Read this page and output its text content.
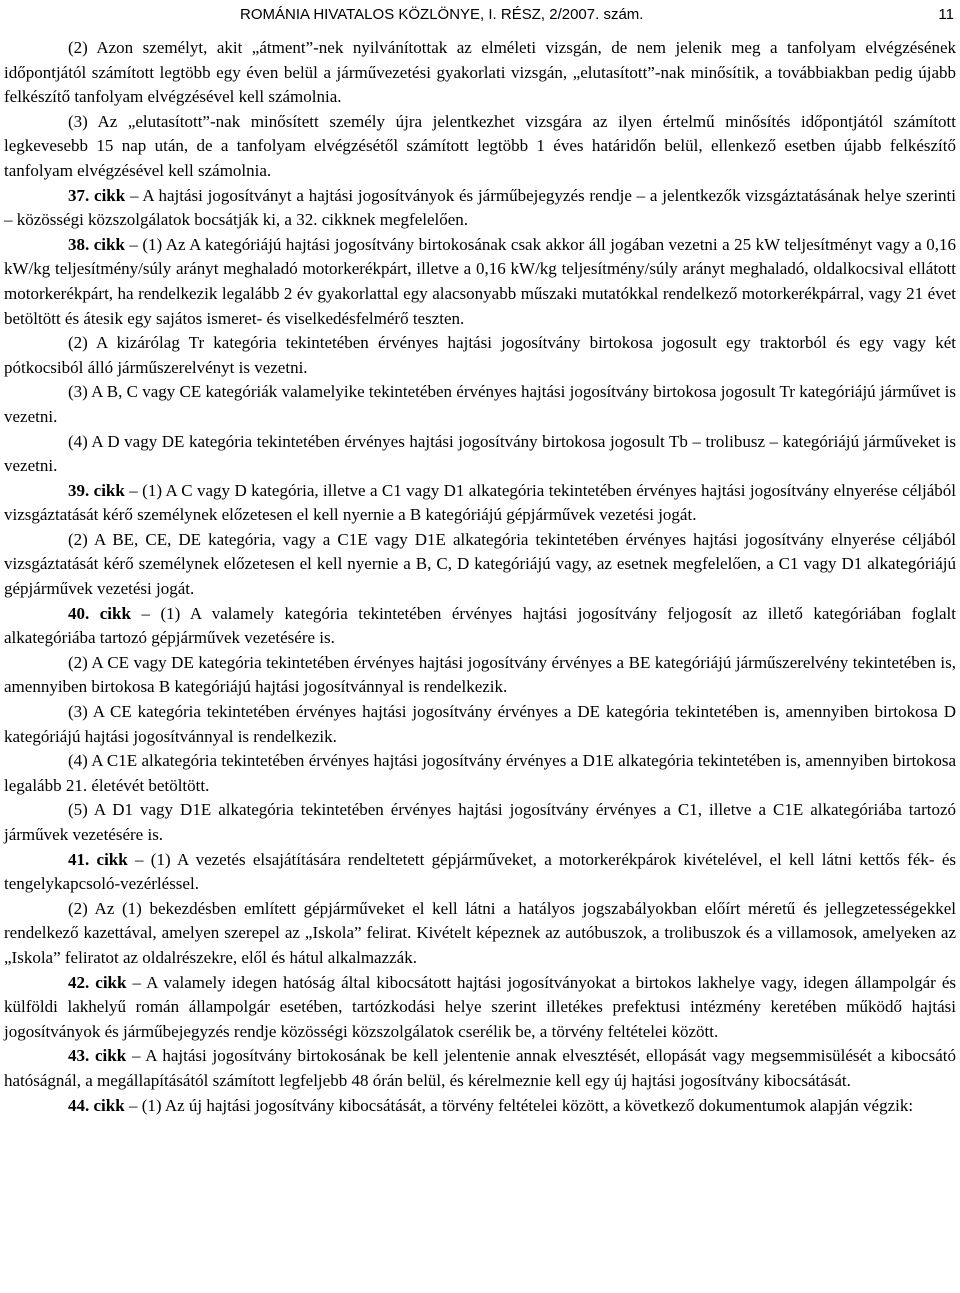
ROMÁNIA HIVATALOS KÖZLÖNYE, I. RÉSZ, 2/2007. szám.	11

(2) Azon személyt, akit „átment”-nek nyilvánítottak az elméleti vizsgán, de nem jelenik meg a tanfolyam elvégzésének időpontjától számított legtöbb egy éven belül a járművezetési gyakorlati vizsgán, „elutasított”-nak minősítik, a továbbiakban pedig újabb felkészítő tanfolyam elvégzésével kell számolnia.

(3) Az „elutasított”-nak minősített személy újra jelentkezhet vizsgára az ilyen értelmű minősítés időpontjától számított legkevesebb 15 nap után, de a tanfolyam elvégzésétől számított legtöbb 1 éves határidőn belül, ellenkező esetben újabb felkészítő tanfolyam elvégzésével kell számolnia.

37. cikk – A hajtási jogosítványt a hajtási jogosítványok és járműbejegyzés rendje – a jelentkezők vizsgáztatásának helye szerinti – közösségi közszolgálatok bocsátják ki, a 32. cikknek megfelelően.

38. cikk – (1) Az A kategóriájú hajtási jogosítvány birtokosának csak akkor áll jogában vezetni a 25 kW teljesítményt vagy a 0,16 kW/kg teljesítmény/súly arányt meghaladó motorkerékpárt, illetve a 0,16 kW/kg teljesítmény/súly arányt meghaladó, oldalkocsival ellátott motorkerékpárt, ha rendelkezik legalább 2 év gyakorlattal egy alacsonyabb műszaki mutatókkal rendelkező motorkerékpárral, vagy 21 évet betöltött és átesik egy sajátos ismeret- és viselkedésfelmérő teszten.

(2) A kizárólag Tr kategória tekintetében érvényes hajtási jogosítvány birtokosa jogosult egy traktorból és egy vagy két pótkocsiból álló járműszerelvényt is vezetni.

(3) A B, C vagy CE kategóriák valamelyike tekintetében érvényes hajtási jogosítvány birtokosa jogosult Tr kategóriájú járművet is vezetni.

(4) A D vagy DE kategória tekintetében érvényes hajtási jogosítvány birtokosa jogosult Tb – trolibusz – kategóriájú járműveket is vezetni.

39. cikk – (1) A C vagy D kategória, illetve a C1 vagy D1 alkategória tekintetében érvényes hajtási jogosítvány elnyerése céljából vizsgáztatását kérő személynek előzetesen el kell nyernie a B kategóriájú gépjárművek vezetési jogát.

(2) A BE, CE, DE kategória, vagy a C1E vagy D1E alkategória tekintetében érvényes hajtási jogosítvány elnyerése céljából vizsgáztatását kérő személynek előzetesen el kell nyernie a B, C, D kategóriájú vagy, az esetnek megfelelően, a C1 vagy D1 alkategóriájú gépjárművek vezetési jogát.

40. cikk – (1) A valamely kategória tekintetében érvényes hajtási jogosítvány feljogosít az illető kategóriában foglalt alkategóriába tartozó gépjárművek vezetésére is.

(2) A CE vagy DE kategória tekintetében érvényes hajtási jogosítvány érvényes a BE kategóriájú járműszerelvény tekintetében is, amennyiben birtokosa B kategóriájú hajtási jogosítvánnyal is rendelkezik.

(3) A CE kategória tekintetében érvényes hajtási jogosítvány érvényes a DE kategória tekintetében is, amennyiben birtokosa D kategóriájú hajtási jogosítvánnyal is rendelkezik.

(4) A C1E alkategória tekintetében érvényes hajtási jogosítvány érvényes a D1E alkategória tekintetében is, amennyiben birtokosa legalább 21. életévét betöltött.

(5) A D1 vagy D1E alkategória tekintetében érvényes hajtási jogosítvány érvényes a C1, illetve a C1E alkategóriába tartozó járművek vezetésére is.

41. cikk – (1) A vezetés elsajátítására rendeltetett gépjárműveket, a motorkerékpárok kivételével, el kell látni kettős fék- és tengelykapcsoló-vezérléssel.

(2) Az (1) bekezdésben említett gépjárműveket el kell látni a hatályos jogszabályokban előírt méretű és jellegzetességekkel rendelkező kazettával, amelyen szerepel az „Iskola” felirat. Kivételt képeznek az autóbuszok, a trolibuszok és a villamosok, amelyeken az „Iskola” feliratot az oldalrészekre, elől és hátul alkalmazzák.

42. cikk – A valamely idegen hatóság által kibocsátott hajtási jogosítványokat a birtokos lakhelye vagy, idegen állampolgár és külföldi lakhelyű román állampolgár esetében, tartózkodási helye szerint illetékes prefektusi intézmény keretében működő hajtási jogosítványok és járműbejegyzés rendje közösségi közszolgálatok cserélik be, a törvény feltételei között.

43. cikk – A hajtási jogosítvány birtokosának be kell jelentenie annak elvesztését, ellopását vagy megsemmisülését a kibocsátó hatóságnál, a megállapításától számított legfeljebb 48 órán belül, és kérelmeznie kell egy új hajtási jogosítvány kibocsátását.

44. cikk – (1) Az új hajtási jogosítvány kibocsátását, a törvény feltételei között, a következő dokumentumok alapján végzik:
